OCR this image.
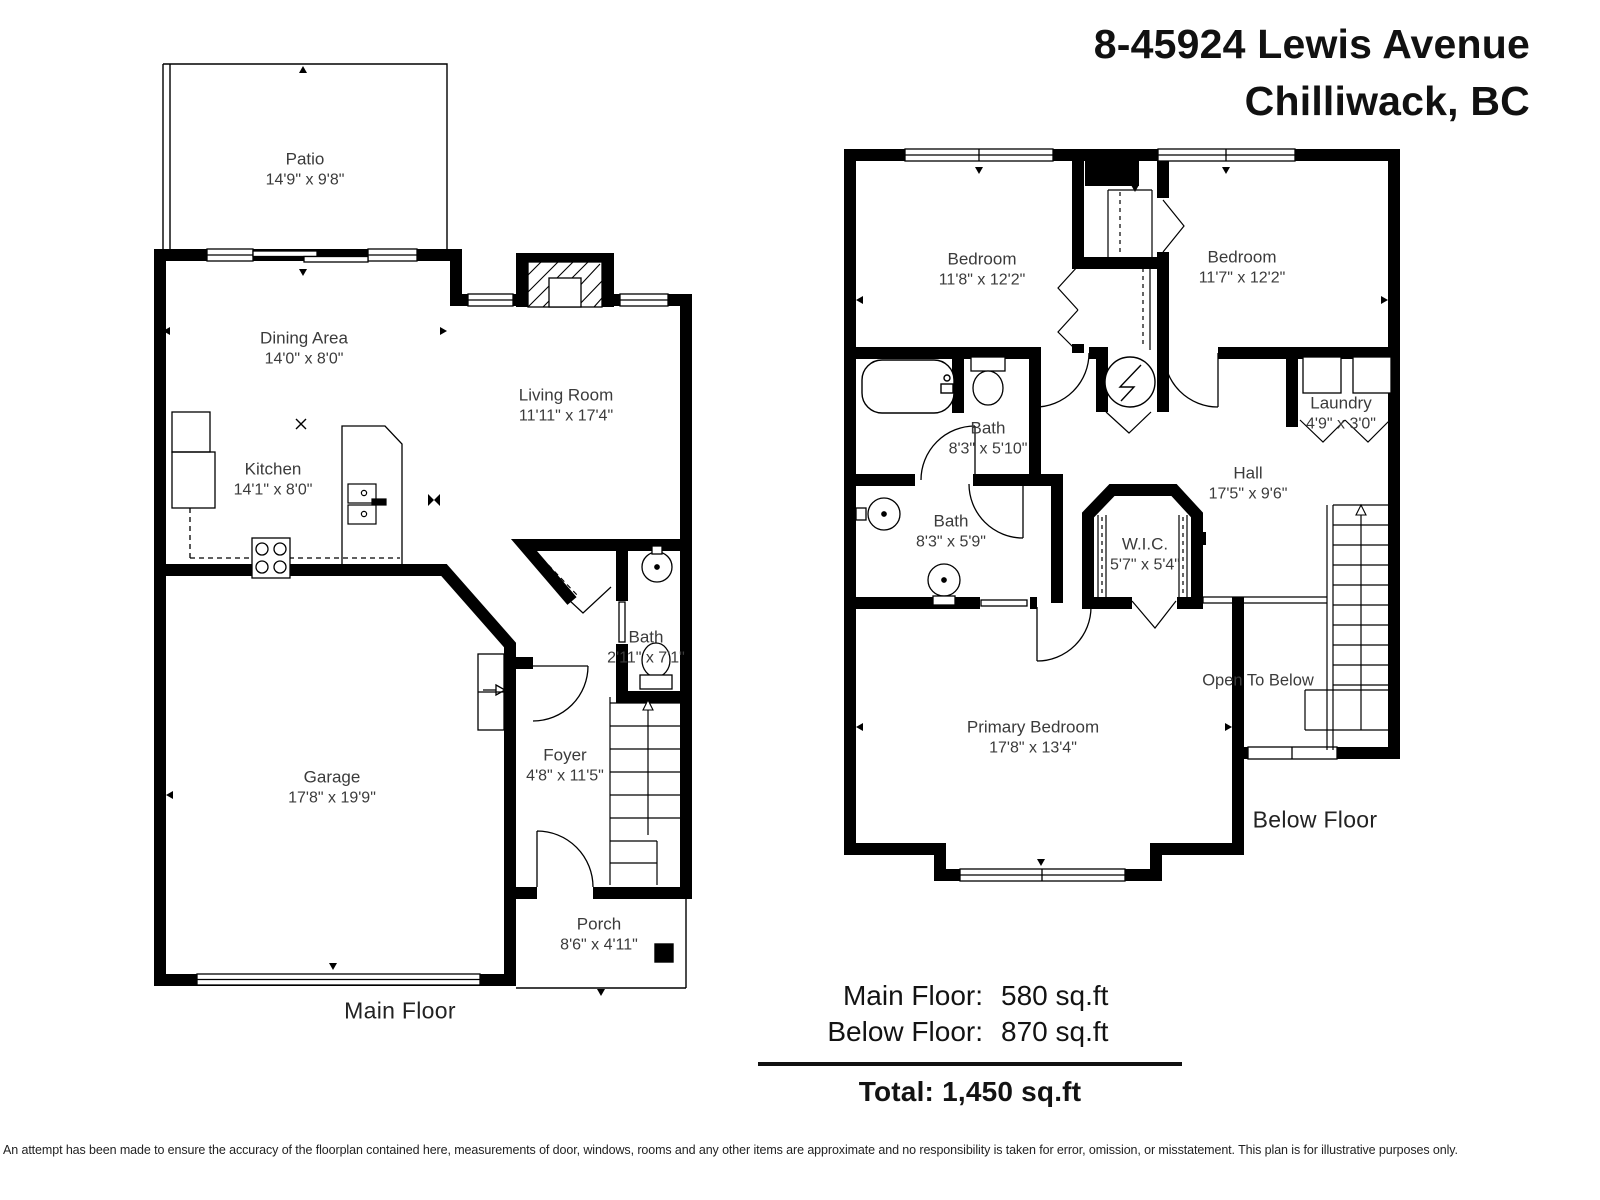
8-45924 Lewis Avenue
Chilliwack, BC
Patio
14'9" x 9'8"
Dining Area
14'0" x 8'0"
Living Room
11'11" x 17'4"
Kitchen
14'1" x 8'0"
Bath
2'11" x 7'1"
Garage
17'8" x 19'9"
Foyer
4'8" x 11'5"
Porch
8'6" x 4'11"
Main Floor
Bedroom
11'8" x 12'2"
Bedroom
11'7" x 12'2"
Bath
8'3" x 5'10"
Bath
8'3" x 5'9"
Laundry
4'9" x 3'0"
Hall
17'5" x 9'6"
W.I.C.
5'7" x 5'4"
Primary Bedroom
17'8" x 13'4"
Open To Below
Below Floor
Main Floor: 580 sq.ft
Below Floor: 870 sq.ft
Total: 1,450 sq.ft
An attempt has been made to ensure the accuracy of the floorplan contained here, measurements of door, windows, rooms and any other items are approximate and no responsibility is taken for error, omission, or misstatement. This plan is for illustrative purposes only.
